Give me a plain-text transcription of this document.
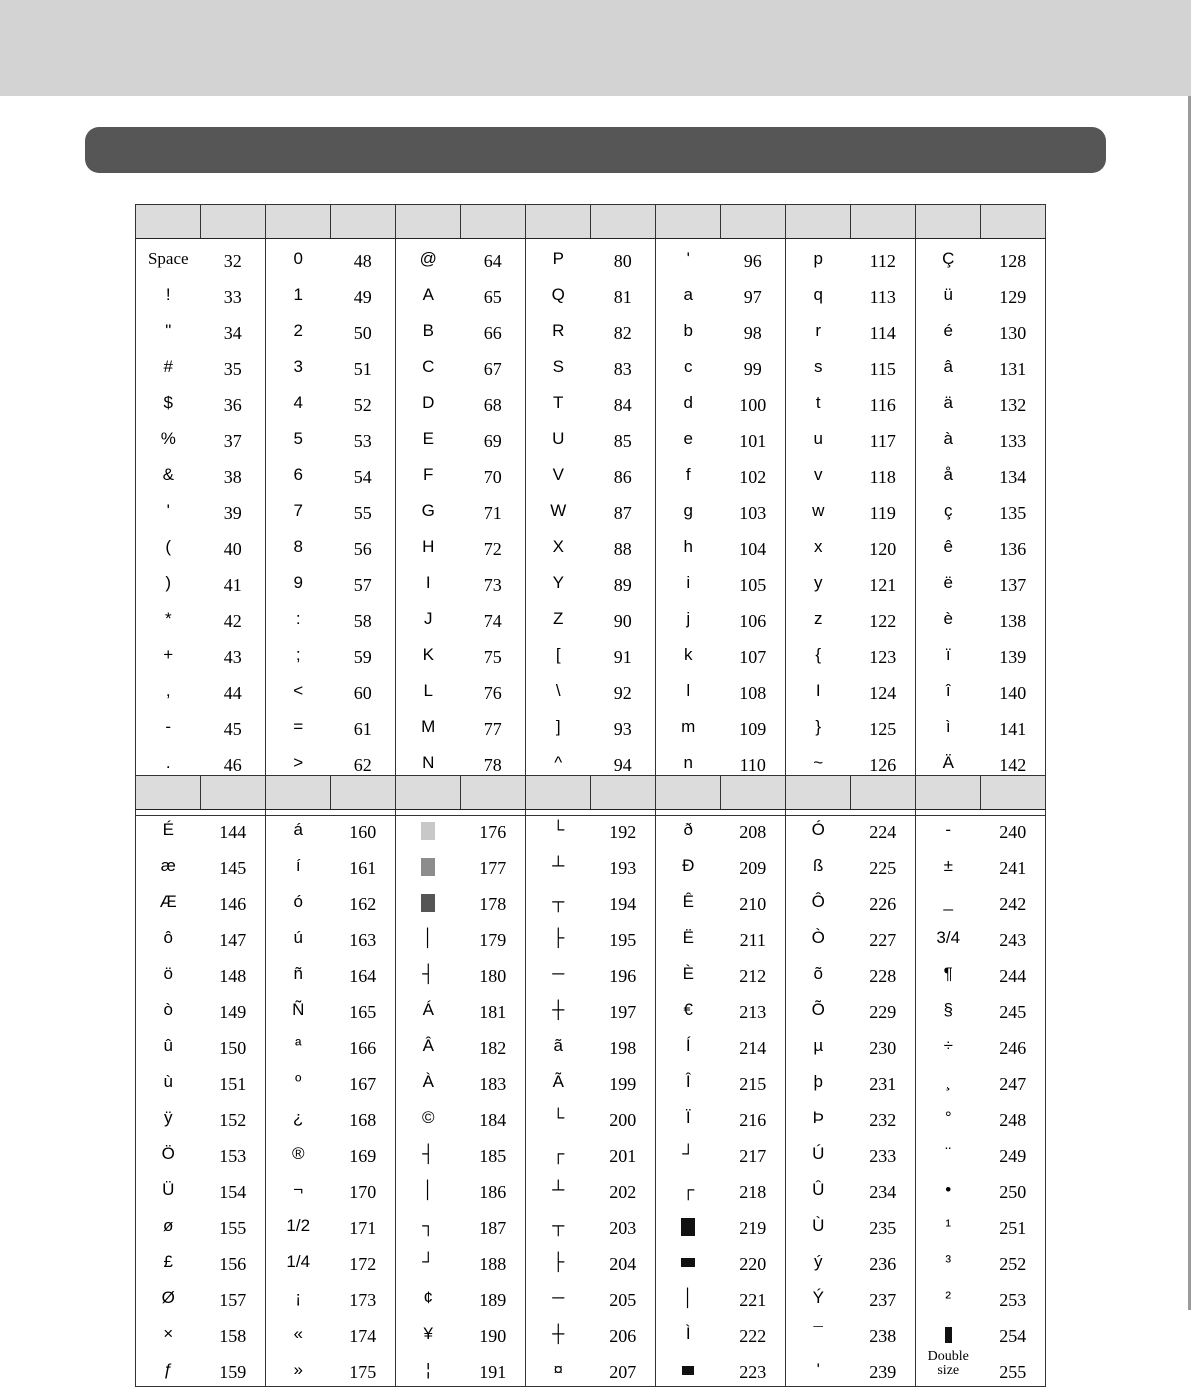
Space	32	0	48	@	64	P	80	'	96	p	112	Ç	128
!	33	1	49	A	65	Q	81	a	97	q	113	ü	129
"	34	2	50	B	66	R	82	b	98	r	114	é	130
#	35	3	51	C	67	S	83	c	99	s	115	â	131
$	36	4	52	D	68	T	84	d	100	t	116	ä	132
%	37	5	53	E	69	U	85	e	101	u	117	à	133
&	38	6	54	F	70	V	86	f	102	v	118	å	134
'	39	7	55	G	71	W	87	g	103	w	119	ç	135
(	40	8	56	H	72	X	88	h	104	x	120	ê	136
)	41	9	57	I	73	Y	89	i	105	y	121	ë	137
*	42	:	58	J	74	Z	90	j	106	z	122	è	138
+	43	;	59	K	75	[	91	k	107	{	123	ï	139
,	44	<	60	L	76	\	92	l	108	I	124	î	140
-	45	=	61	M	77	]	93	m	109	}	125	ì	141
.	46	>	62	N	78	^	94	n	110	~	126	Ä	142

É	144	á	160		176	└	192	ð	208	Ó	224	-	240
æ	145	í	161		177	┴	193	Đ	209	ß	225	±	241
Æ	146	ó	162		178	┬	194	Ê	210	Ô	226	_	242
ô	147	ú	163	│	179	├	195	Ë	211	Ò	227	3/4	243
ö	148	ñ	164	┤	180	─	196	È	212	õ	228	¶	244
ò	149	Ñ	165	Á	181	┼	197	€	213	Õ	229	§	245
û	150	ª	166	Â	182	ã	198	Í	214	µ	230	÷	246
ù	151	º	167	À	183	Ã	199	Î	215	þ	231	¸	247
ÿ	152	¿	168	©	184	└	200	Ï	216	Þ	232	°	248
Ö	153	®	169	┤	185	┌	201	┘	217	Ú	233	¨	249
Ü	154	¬	170	│	186	┴	202	┌	218	Û	234	•	250
ø	155	1/2	171	┐	187	┬	203		219	Ù	235	¹	251
£	156	1/4	172	┘	188	├	204		220	ý	236	³	252
Ø	157	¡	173	¢	189	─	205	│	221	Ý	237	²	253
×	158	«	174	¥	190	┼	206	Ì	222	¯	238		254
ƒ	159	»	175	¦	191	¤	207		223	'	239	Double size	255
